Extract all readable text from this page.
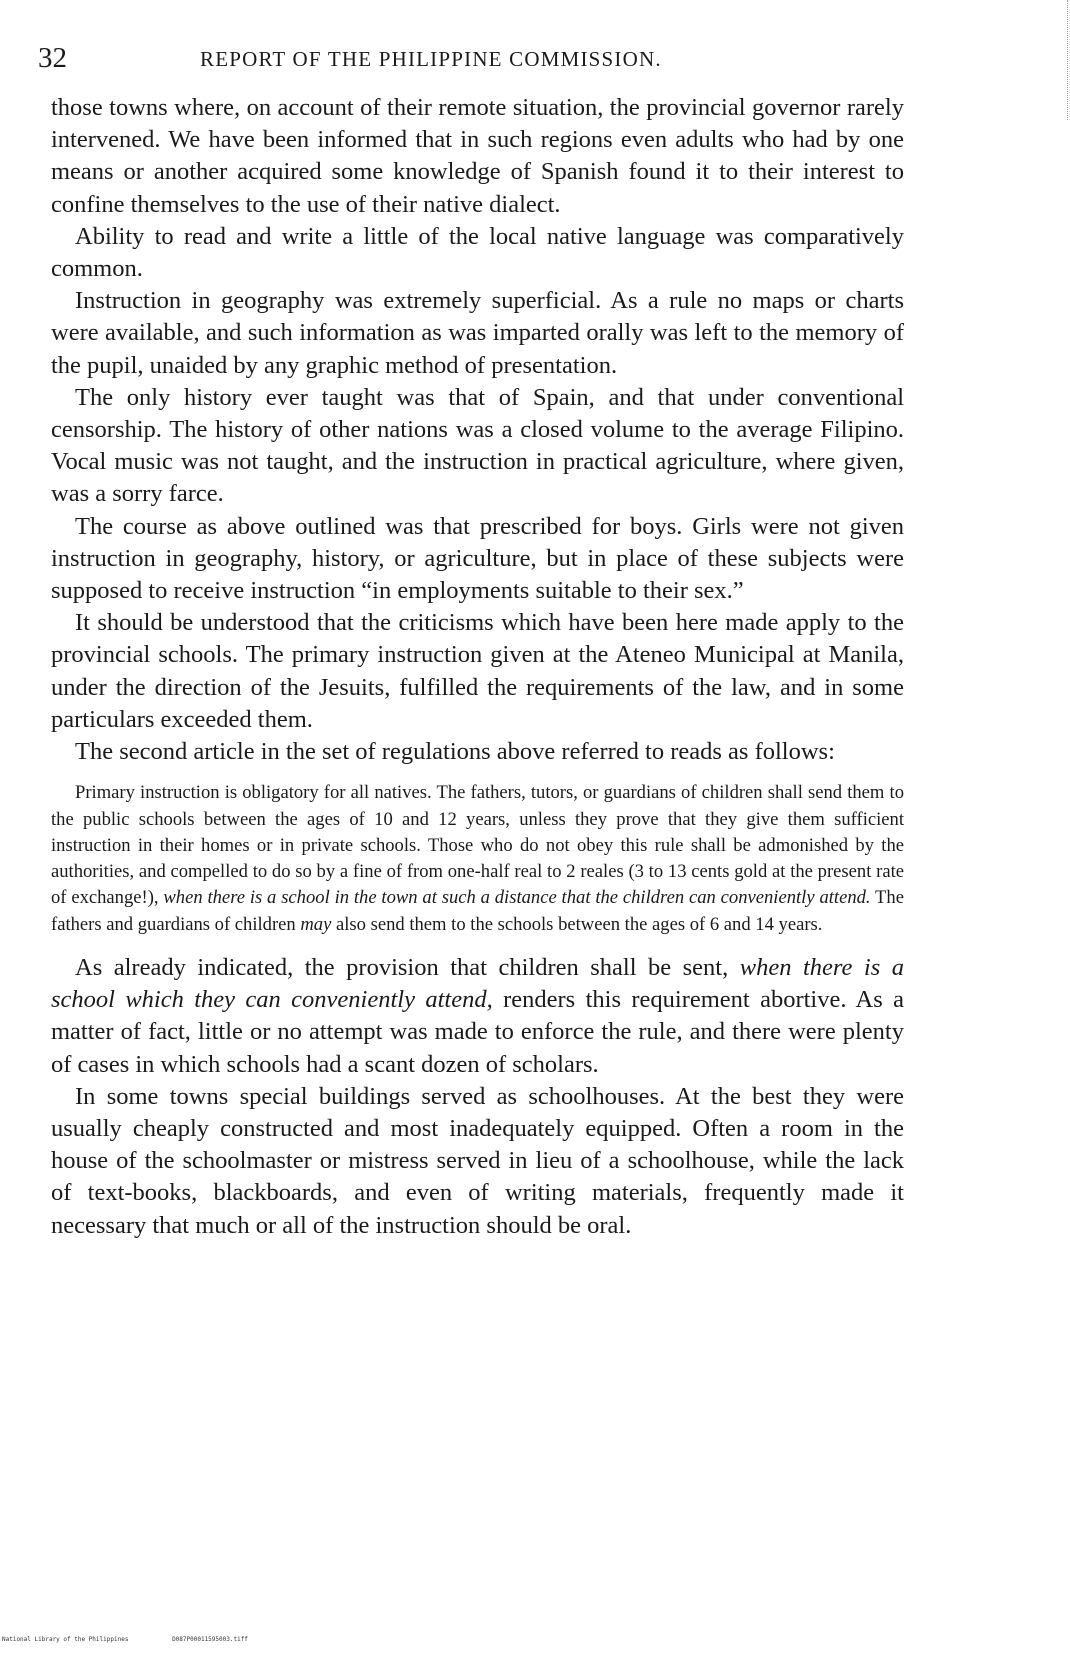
32	REPORT OF THE PHILIPPINE COMMISSION.

those towns where, on account of their remote situation, the provincial governor rarely intervened. We have been informed that in such regions even adults who had by one means or another acquired some knowledge of Spanish found it to their interest to confine themselves to the use of their native dialect.

Ability to read and write a little of the local native language was comparatively common.

Instruction in geography was extremely superficial. As a rule no maps or charts were available, and such information as was imparted orally was left to the memory of the pupil, unaided by any graphic method of presentation.

The only history ever taught was that of Spain, and that under conventional censorship. The history of other nations was a closed volume to the average Filipino. Vocal music was not taught, and the instruction in practical agriculture, where given, was a sorry farce.

The course as above outlined was that prescribed for boys. Girls were not given instruction in geography, history, or agriculture, but in place of these subjects were supposed to receive instruction “in employments suitable to their sex.”

It should be understood that the criticisms which have been here made apply to the provincial schools. The primary instruction given at the Ateneo Municipal at Manila, under the direction of the Jesuits, fulfilled the requirements of the law, and in some particulars exceeded them.

The second article in the set of regulations above referred to reads as follows:

Primary instruction is obligatory for all natives. The fathers, tutors, or guardians of children shall send them to the public schools between the ages of 10 and 12 years, unless they prove that they give them sufficient instruction in their homes or in private schools. Those who do not obey this rule shall be admonished by the authorities, and compelled to do so by a fine of from one-half real to 2 reales (3 to 13 cents gold at the present rate of exchange!), when there is a school in the town at such a distance that the children can conveniently attend. The fathers and guardians of children may also send them to the schools between the ages of 6 and 14 years.

As already indicated, the provision that children shall be sent, when there is a school which they can conveniently attend, renders this requirement abortive. As a matter of fact, little or no attempt was made to enforce the rule, and there were plenty of cases in which schools had a scant dozen of scholars.

In some towns special buildings served as schoolhouses. At the best they were usually cheaply constructed and most inadequately equipped. Often a room in the house of the schoolmaster or mistress served in lieu of a schoolhouse, while the lack of text-books, blackboards, and even of writing materials, frequently made it necessary that much or all of the instruction should be oral.

National Library of the Philippines	D087P00011595003⁩.tiff
